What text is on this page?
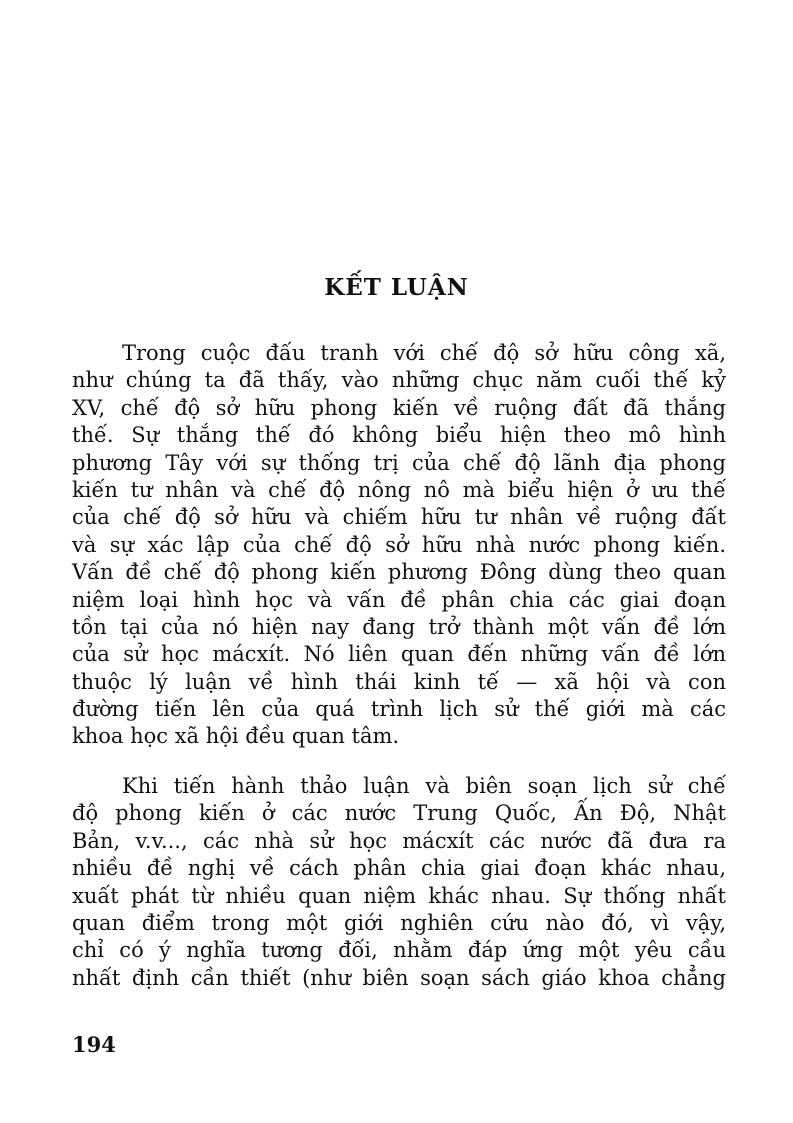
KẾT LUẬN
Trong cuộc đấu tranh với chế độ sở hữu công xã,
như chúng ta đã thấy, vào những chục năm cuối thế kỷ
XV, chế độ sở hữu phong kiến về ruộng đất đã thắng
thế. Sự thắng thế đó không biểu hiện theo mô hình
phương Tây với sự thống trị của chế độ lãnh địa phong
kiến tư nhân và chế độ nông nô mà biểu hiện ở ưu thế
của chế độ sở hữu và chiếm hữu tư nhân về ruộng đất
và sự xác lập của chế độ sở hữu nhà nước phong kiến.
Vấn đề chế độ phong kiến phương Đông dùng theo quan
niệm loại hình học và vấn đề phân chia các giai đoạn
tồn tại của nó hiện nay đang trở thành một vấn đề lớn
của sử học mácxít. Nó liên quan đến những vấn đề lớn
thuộc lý luận về hình thái kinh tế — xã hội và con
đường tiến lên của quá trình lịch sử thế giới mà các
khoa học xã hội đều quan tâm.
Khi tiến hành thảo luận và biên soạn lịch sử chế
độ phong kiến ở các nước Trung Quốc, Ấn Độ, Nhật
Bản, v.v..., các nhà sử học mácxít các nước đã đưa ra
nhiều đề nghị về cách phân chia giai đoạn khác nhau,
xuất phát từ nhiều quan niệm khác nhau. Sự thống nhất
quan điểm trong một giới nghiên cứu nào đó, vì vậy,
chỉ có ý nghĩa tương đối, nhằm đáp ứng một yêu cầu
nhất định cần thiết (như biên soạn sách giáo khoa chẳng
194
